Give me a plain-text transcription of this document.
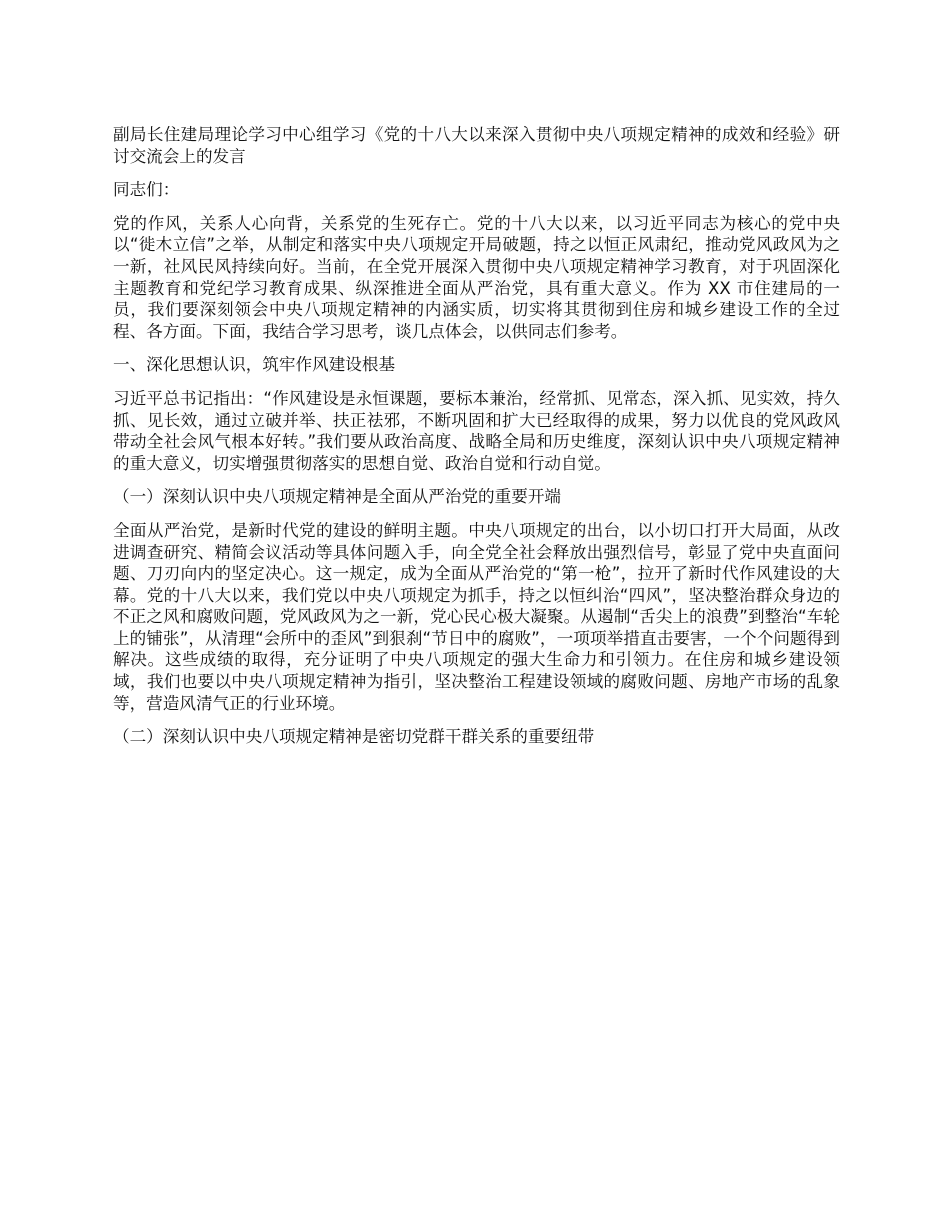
副局长住建局理论学习中心组学习《党的十八大以来深入贯彻中央八项规定精神的成效和经验》研讨交流会上的发言

同志们：

党的作风，关系人心向背，关系党的生死存亡。党的十八大以来，以习近平同志为核心的党中央以“徙木立信”之举，从制定和落实中央八项规定开局破题，持之以恒正风肃纪，推动党风政风为之一新，社风民风持续向好。当前，在全党开展深入贯彻中央八项规定精神学习教育，对于巩固深化主题教育和党纪学习教育成果、纵深推进全面从严治党，具有重大意义。作为 XX 市住建局的一员，我们要深刻领会中央八项规定精神的内涵实质，切实将其贯彻到住房和城乡建设工作的全过程、各方面。下面，我结合学习思考，谈几点体会，以供同志们参考。

一、深化思想认识，筑牢作风建设根基

习近平总书记指出：“作风建设是永恒课题，要标本兼治，经常抓、见常态，深入抓、见实效，持久抓、见长效，通过立破并举、扶正祛邪，不断巩固和扩大已经取得的成果，努力以优良的党风政风带动全社会风气根本好转。”我们要从政治高度、战略全局和历史维度，深刻认识中央八项规定精神的重大意义，切实增强贯彻落实的思想自觉、政治自觉和行动自觉。

（一）深刻认识中央八项规定精神是全面从严治党的重要开端

全面从严治党，是新时代党的建设的鲜明主题。中央八项规定的出台，以小切口打开大局面，从改进调查研究、精简会议活动等具体问题入手，向全党全社会释放出强烈信号，彰显了党中央直面问题、刀刃向内的坚定决心。这一规定，成为全面从严治党的“第一枪”，拉开了新时代作风建设的大幕。党的十八大以来，我们党以中央八项规定为抓手，持之以恒纠治“四风”，坚决整治群众身边的不正之风和腐败问题，党风政风为之一新，党心民心极大凝聚。从遏制“舌尖上的浪费”到整治“车轮上的铺张”，从清理“会所中的歪风”到狠刹“节日中的腐败”，一项项举措直击要害，一个个问题得到解决。这些成绩的取得，充分证明了中央八项规定的强大生命力和引领力。在住房和城乡建设领域，我们也要以中央八项规定精神为指引，坚决整治工程建设领域的腐败问题、房地产市场的乱象等，营造风清气正的行业环境。

（二）深刻认识中央八项规定精神是密切党群干群关系的重要纽带
